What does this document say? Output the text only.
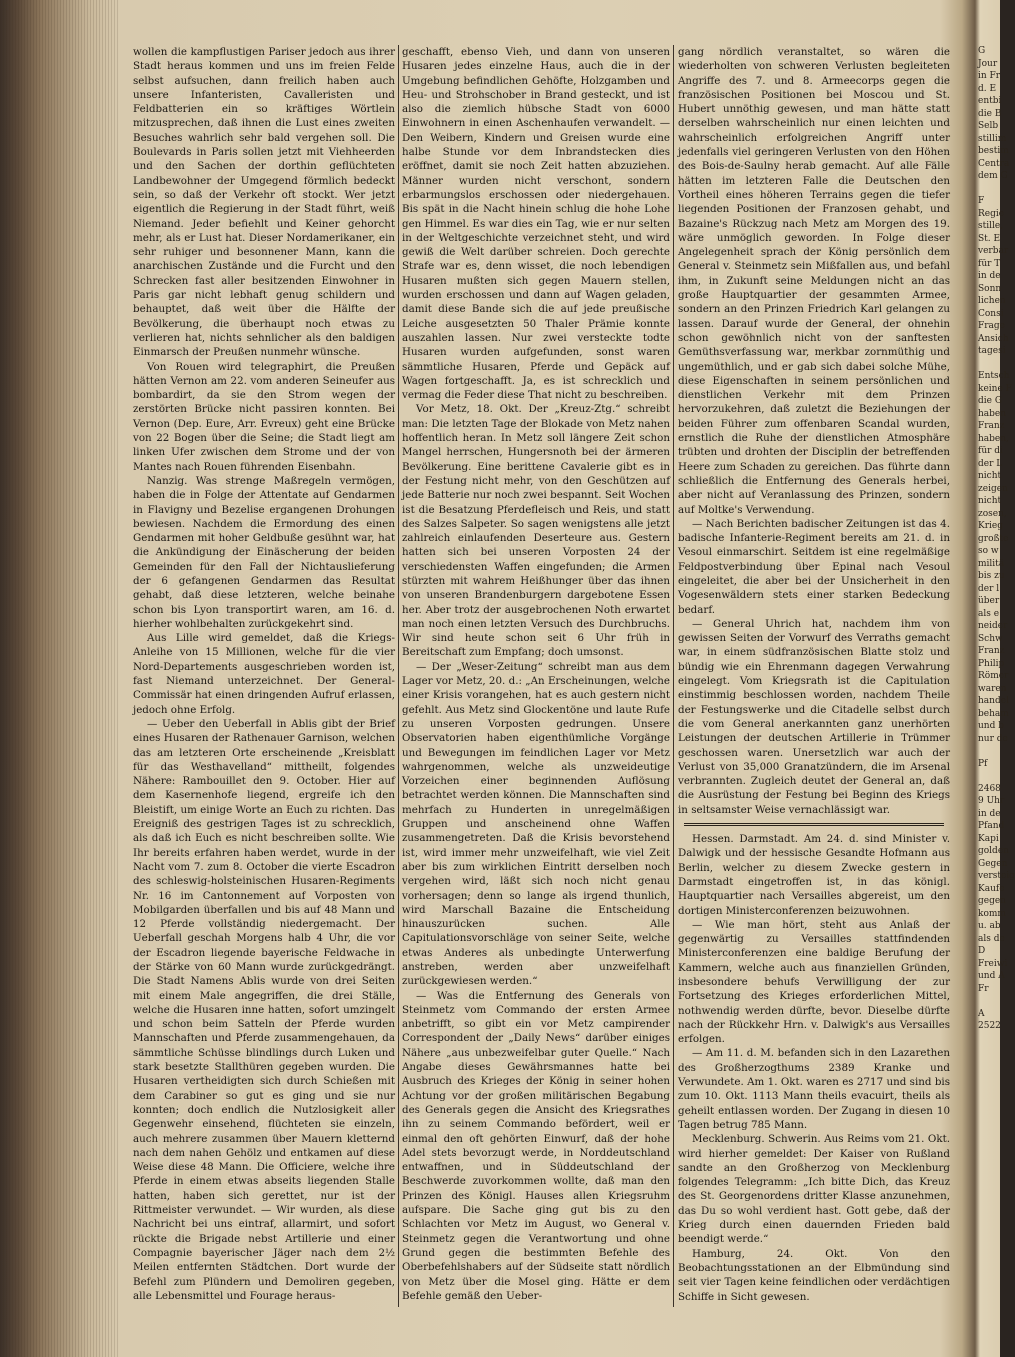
wollen die kampflustigen Pariser jedoch aus ihrer Stadt heraus kommen und uns im freien Felde selbst aufsuchen, dann freilich haben auch unsere Infanteristen, Cavalleristen und Feldbatterien ein so kräftiges Wörtlein mitzusprechen, daß ihnen die Lust eines zweiten Besuches wahrlich sehr bald vergehen soll. Die Boulevards in Paris sollen jetzt mit Viehheerden und den Sachen der dorthin geflüchteten Landbewohner der Umgegend förmlich bedeckt sein, so daß der Verkehr oft stockt. Wer jetzt eigentlich die Regierung in der Stadt führt, weiß Niemand. Jeder befiehlt und Keiner gehorcht mehr, als er Lust hat. Dieser Nordamerikaner, ein sehr ruhiger und besonnener Mann, kann die anarchischen Zustände und die Furcht und den Schrecken fast aller besitzenden Einwohner in Paris gar nicht lebhaft genug schildern und behauptet, daß weit über die Hälfte der Bevölkerung, die überhaupt noch etwas zu verlieren hat, nichts sehnlicher als den baldigen Einmarsch der Preußen nunmehr wünsche.

Von Rouen wird telegraphirt, die Preußen hätten Vernon am 22. vom anderen Seineufer aus bombardirt, da sie den Strom wegen der zerstörten Brücke nicht passiren konnten. Bei Vernon (Dep. Eure, Arr. Evreux) geht eine Brücke von 22 Bogen über die Seine; die Stadt liegt am linken Ufer zwischen dem Strome und der von Mantes nach Rouen führenden Eisenbahn.

Nanzig. Was strenge Maßregeln vermögen, haben die in Folge der Attentate auf Gendarmen in Flavigny und Bezelise ergangenen Drohungen bewiesen. Nachdem die Ermordung des einen Gendarmen mit hoher Geldbuße gesühnt war, hat die Ankündigung der Einäscherung der beiden Gemeinden für den Fall der Nichtauslieferung der 6 gefangenen Gendarmen das Resultat gehabt, daß diese letzteren, welche beinahe schon bis Lyon transportirt waren, am 16. d. hierher wohlbehalten zurückgekehrt sind.

Aus Lille wird gemeldet, daß die Kriegs-Anleihe von 15 Millionen, welche für die vier Nord-Departements ausgeschrieben worden ist, fast Niemand unterzeichnet. Der General-Commissär hat einen dringenden Aufruf erlassen, jedoch ohne Erfolg.

— Ueber den Ueberfall in Ablis gibt der Brief eines Husaren der Rathenauer Garnison, welchen das am letzteren Orte erscheinende „Kreisblatt für das Westhavelland“ mittheilt, folgendes Nähere: Rambouillet den 9. October. Hier auf dem Kasernenhofe liegend, ergreife ich den Bleistift, um einige Worte an Euch zu richten. Das Ereigniß des gestrigen Tages ist zu schrecklich, als daß ich Euch es nicht beschreiben sollte. Wie Ihr bereits erfahren haben werdet, wurde in der Nacht vom 7. zum 8. October die vierte Escadron des schleswig-holsteinischen Husaren-Regiments Nr. 16 im Cantonnement auf Vorposten von Mobilgarden überfallen und bis auf 48 Mann und 12 Pferde vollständig niedergemacht. Der Ueberfall geschah Morgens halb 4 Uhr, die vor der Escadron liegende bayerische Feldwache in der Stärke von 60 Mann wurde zurückgedrängt. Die Stadt Namens Ablis wurde von drei Seiten mit einem Male angegriffen, die drei Ställe, welche die Husaren inne hatten, sofort umzingelt und schon beim Satteln der Pferde wurden Mannschaften und Pferde zusammengehauen, da sämmtliche Schüsse blindlings durch Luken und stark besetzte Stallthüren gegeben wurden. Die Husaren vertheidigten sich durch Schießen mit dem Carabiner so gut es ging und sie nur konnten; doch endlich die Nutzlosigkeit aller Gegenwehr einsehend, flüchteten sie einzeln, auch mehrere zusammen über Mauern kletternd nach dem nahen Gehölz und entkamen auf diese Weise diese 48 Mann. Die Officiere, welche ihre Pferde in einem etwas abseits liegenden Stalle hatten, haben sich gerettet, nur ist der Rittmeister verwundet. — Wir wurden, als diese Nachricht bei uns eintraf, allarmirt, und sofort rückte die Brigade nebst Artillerie und einer Compagnie bayerischer Jäger nach dem 2½ Meilen entfernten Städtchen. Dort wurde der Befehl zum Plündern und Demoliren gegeben, alle Lebensmittel und Fourage heraus-

geschafft, ebenso Vieh, und dann von unseren Husaren jedes einzelne Haus, auch die in der Umgebung befindlichen Gehöfte, Holzgamben und Heu- und Strohschober in Brand gesteckt, und ist also die ziemlich hübsche Stadt von 6000 Einwohnern in einen Aschenhaufen verwandelt. — Den Weibern, Kindern und Greisen wurde eine halbe Stunde vor dem Inbrandstecken dies eröffnet, damit sie noch Zeit hatten abzuziehen. Männer wurden nicht verschont, sondern erbarmungslos erschossen oder niedergehauen. Bis spät in die Nacht hinein schlug die hohe Lohe gen Himmel. Es war dies ein Tag, wie er nur selten in der Weltgeschichte verzeichnet steht, und wird gewiß die Welt darüber schreien. Doch gerechte Strafe war es, denn wisset, die noch lebendigen Husaren mußten sich gegen Mauern stellen, wurden erschossen und dann auf Wagen geladen, damit diese Bande sich die auf jede preußische Leiche ausgesetzten 50 Thaler Prämie konnte auszahlen lassen. Nur zwei versteckte todte Husaren wurden aufgefunden, sonst waren sämmtliche Husaren, Pferde und Gepäck auf Wagen fortgeschafft. Ja, es ist schrecklich und vermag die Feder diese That nicht zu beschreiben.

Vor Metz, 18. Okt. Der „Kreuz-Ztg.“ schreibt man: Die letzten Tage der Blokade von Metz nahen hoffentlich heran. In Metz soll längere Zeit schon Mangel herrschen, Hungersnoth bei der ärmeren Bevölkerung. Eine berittene Cavalerie gibt es in der Festung nicht mehr, von den Geschützen auf jede Batterie nur noch zwei bespannt. Seit Wochen ist die Besatzung Pferdefleisch und Reis, und statt des Salzes Salpeter. So sagen wenigstens alle jetzt zahlreich einlaufenden Deserteure aus. Gestern hatten sich bei unseren Vorposten 24 der verschiedensten Waffen eingefunden; die Armen stürzten mit wahrem Heißhunger über das ihnen von unseren Brandenburgern dargebotene Essen her. Aber trotz der ausgebrochenen Noth erwartet man noch einen letzten Versuch des Durchbruchs. Wir sind heute schon seit 6 Uhr früh in Bereitschaft zum Empfang; doch umsonst.

— Der „Weser-Zeitung“ schreibt man aus dem Lager vor Metz, 20. d.: „An Erscheinungen, welche einer Krisis vorangehen, hat es auch gestern nicht gefehlt. Aus Metz sind Glockentöne und laute Rufe zu unseren Vorposten gedrungen. Unsere Observatorien haben eigenthümliche Vorgänge und Bewegungen im feindlichen Lager vor Metz wahrgenommen, welche als unzweideutige Vorzeichen einer beginnenden Auflösung betrachtet werden können. Die Mannschaften sind mehrfach zu Hunderten in unregelmäßigen Gruppen und anscheinend ohne Waffen zusammengetreten. Daß die Krisis bevorstehend ist, wird immer mehr unzweifelhaft, wie viel Zeit aber bis zum wirklichen Eintritt derselben noch vergehen wird, läßt sich noch nicht genau vorhersagen; denn so lange als irgend thunlich, wird Marschall Bazaine die Entscheidung hinauszurücken suchen. Alle Capitulationsvorschläge von seiner Seite, welche etwas Anderes als unbedingte Unterwerfung anstreben, werden aber unzweifelhaft zurückgewiesen werden.“

— Was die Entfernung des Generals von Steinmetz vom Commando der ersten Armee anbetrifft, so gibt ein vor Metz campirender Correspondent der „Daily News“ darüber einiges Nähere „aus unbezweifelbar guter Quelle.“ Nach Angabe dieses Gewährsmannes hatte bei Ausbruch des Krieges der König in seiner hohen Achtung vor der großen militärischen Begabung des Generals gegen die Ansicht des Kriegsrathes ihn zu seinem Commando befördert, weil er einmal den oft gehörten Einwurf, daß der hohe Adel stets bevorzugt werde, in Norddeutschland entwaffnen, und in Süddeutschland der Beschwerde zuvorkommen wollte, daß man den Prinzen des Königl. Hauses allen Kriegsruhm aufspare. Die Sache ging gut bis zu den Schlachten vor Metz im August, wo General v. Steinmetz gegen die Verantwortung und ohne Grund gegen die bestimmten Befehle des Oberbefehlshabers auf der Südseite statt nördlich von Metz über die Mosel ging. Hätte er dem Befehle gemäß den Ueber-

gang nördlich veranstaltet, so wären die wiederholten von schweren Verlusten begleiteten Angriffe des 7. und 8. Armeecorps gegen die französischen Positionen bei Moscou und St. Hubert unnöthig gewesen, und man hätte statt derselben wahrscheinlich nur einen leichten und wahrscheinlich erfolgreichen Angriff unter jedenfalls viel geringeren Verlusten von den Höhen des Bois-de-Saulny herab gemacht. Auf alle Fälle hätten im letzteren Falle die Deutschen den Vortheil eines höheren Terrains gegen die tiefer liegenden Positionen der Franzosen gehabt, und Bazaine's Rückzug nach Metz am Morgen des 19. wäre unmöglich geworden. In Folge dieser Angelegenheit sprach der König persönlich dem General v. Steinmetz sein Mißfallen aus, und befahl ihm, in Zukunft seine Meldungen nicht an das große Hauptquartier der gesammten Armee, sondern an den Prinzen Friedrich Karl gelangen zu lassen. Darauf wurde der General, der ohnehin schon gewöhnlich nicht von der sanftesten Gemüthsverfassung war, merkbar zornmüthig und ungemüthlich, und er gab sich dabei solche Mühe, diese Eigenschaften in seinem persönlichen und dienstlichen Verkehr mit dem Prinzen hervorzukehren, daß zuletzt die Beziehungen der beiden Führer zum offenbaren Scandal wurden, ernstlich die Ruhe der dienstlichen Atmosphäre trübten und drohten der Disciplin der betreffenden Heere zum Schaden zu gereichen. Das führte dann schließlich die Entfernung des Generals herbei, aber nicht auf Veranlassung des Prinzen, sondern auf Moltke's Verwendung.

— Nach Berichten badischer Zeitungen ist das 4. badische Infanterie-Regiment bereits am 21. d. in Vesoul einmarschirt. Seitdem ist eine regelmäßige Feldpostverbindung über Epinal nach Vesoul eingeleitet, die aber bei der Unsicherheit in den Vogesenwäldern stets einer starken Bedeckung bedarf.

— General Uhrich hat, nachdem ihm von gewissen Seiten der Vorwurf des Verraths gemacht war, in einem südfranzösischen Blatte stolz und bündig wie ein Ehrenmann dagegen Verwahrung eingelegt. Vom Kriegsrath ist die Capitulation einstimmig beschlossen worden, nachdem Theile der Festungswerke und die Citadelle selbst durch die vom General anerkannten ganz unerhörten Leistungen der deutschen Artillerie in Trümmer geschossen waren. Unersetzlich war auch der Verlust von 35,000 Granatzündern, die im Arsenal verbrannten. Zugleich deutet der General an, daß die Ausrüstung der Festung bei Beginn des Kriegs in seltsamster Weise vernachlässigt war.

Hessen. Darmstadt. Am 24. d. sind Minister v. Dalwigk und der hessische Gesandte Hofmann aus Berlin, welcher zu diesem Zwecke gestern in Darmstadt eingetroffen ist, in das königl. Hauptquartier nach Versailles abgereist, um den dortigen Ministerconferenzen beizuwohnen.

— Wie man hört, steht aus Anlaß der gegenwärtig zu Versailles stattfindenden Ministerconferenzen eine baldige Berufung der Kammern, welche auch aus finanziellen Gründen, insbesondere behufs Verwilligung der zur Fortsetzung des Krieges erforderlichen Mittel, nothwendig werden dürfte, bevor. Dieselbe dürfte nach der Rückkehr Hrn. v. Dalwigk's aus Versailles erfolgen.

— Am 11. d. M. befanden sich in den Lazarethen des Großherzogthums 2389 Kranke und Verwundete. Am 1. Okt. waren es 2717 und sind bis zum 10. Okt. 1113 Mann theils evacuirt, theils als geheilt entlassen worden. Der Zugang in diesen 10 Tagen betrug 785 Mann.

Mecklenburg. Schwerin. Aus Reims vom 21. Okt. wird hierher gemeldet: Der Kaiser von Rußland sandte an den Großherzog von Mecklenburg folgendes Telegramm: „Ich bitte Dich, das Kreuz des St. Georgenordens dritter Klasse anzunehmen, das Du so wohl verdient hast. Gott gebe, daß der Krieg durch einen dauernden Frieden bald beendigt werde.“

Hamburg, 24. Okt. Von den Beobachtungsstationen an der Elbmündung sind seit vier Tagen keine feindlichen oder verdächtigen Schiffe in Sicht gewesen.

G
Jour
in Fr
d. E
entbi
die B
Selb
stillim
bestim
Centra
dem G

F
Regie
stille,
St. E
verbar
für T
in de
Sonn
lichen
Consi
Frage
Ansich
tagesi

Entsch
keine F
die G
haben
Franz
haben,
für di
der L
nicht
zeigen
nicht
zosen,
Krieg
großte
so w
militä
bis zu
der l
über
als e
neider
Schw
Franz
Philip
Römer
waren
handel
beham
und b
nur de

Pf

2468
9 Uhr
in de
Pfand
Kapi
golden
Gegen
versteig
Kaufe
gegen
komm
u. ab
als de
D
Freiwi
und A
Fr

A
2522
